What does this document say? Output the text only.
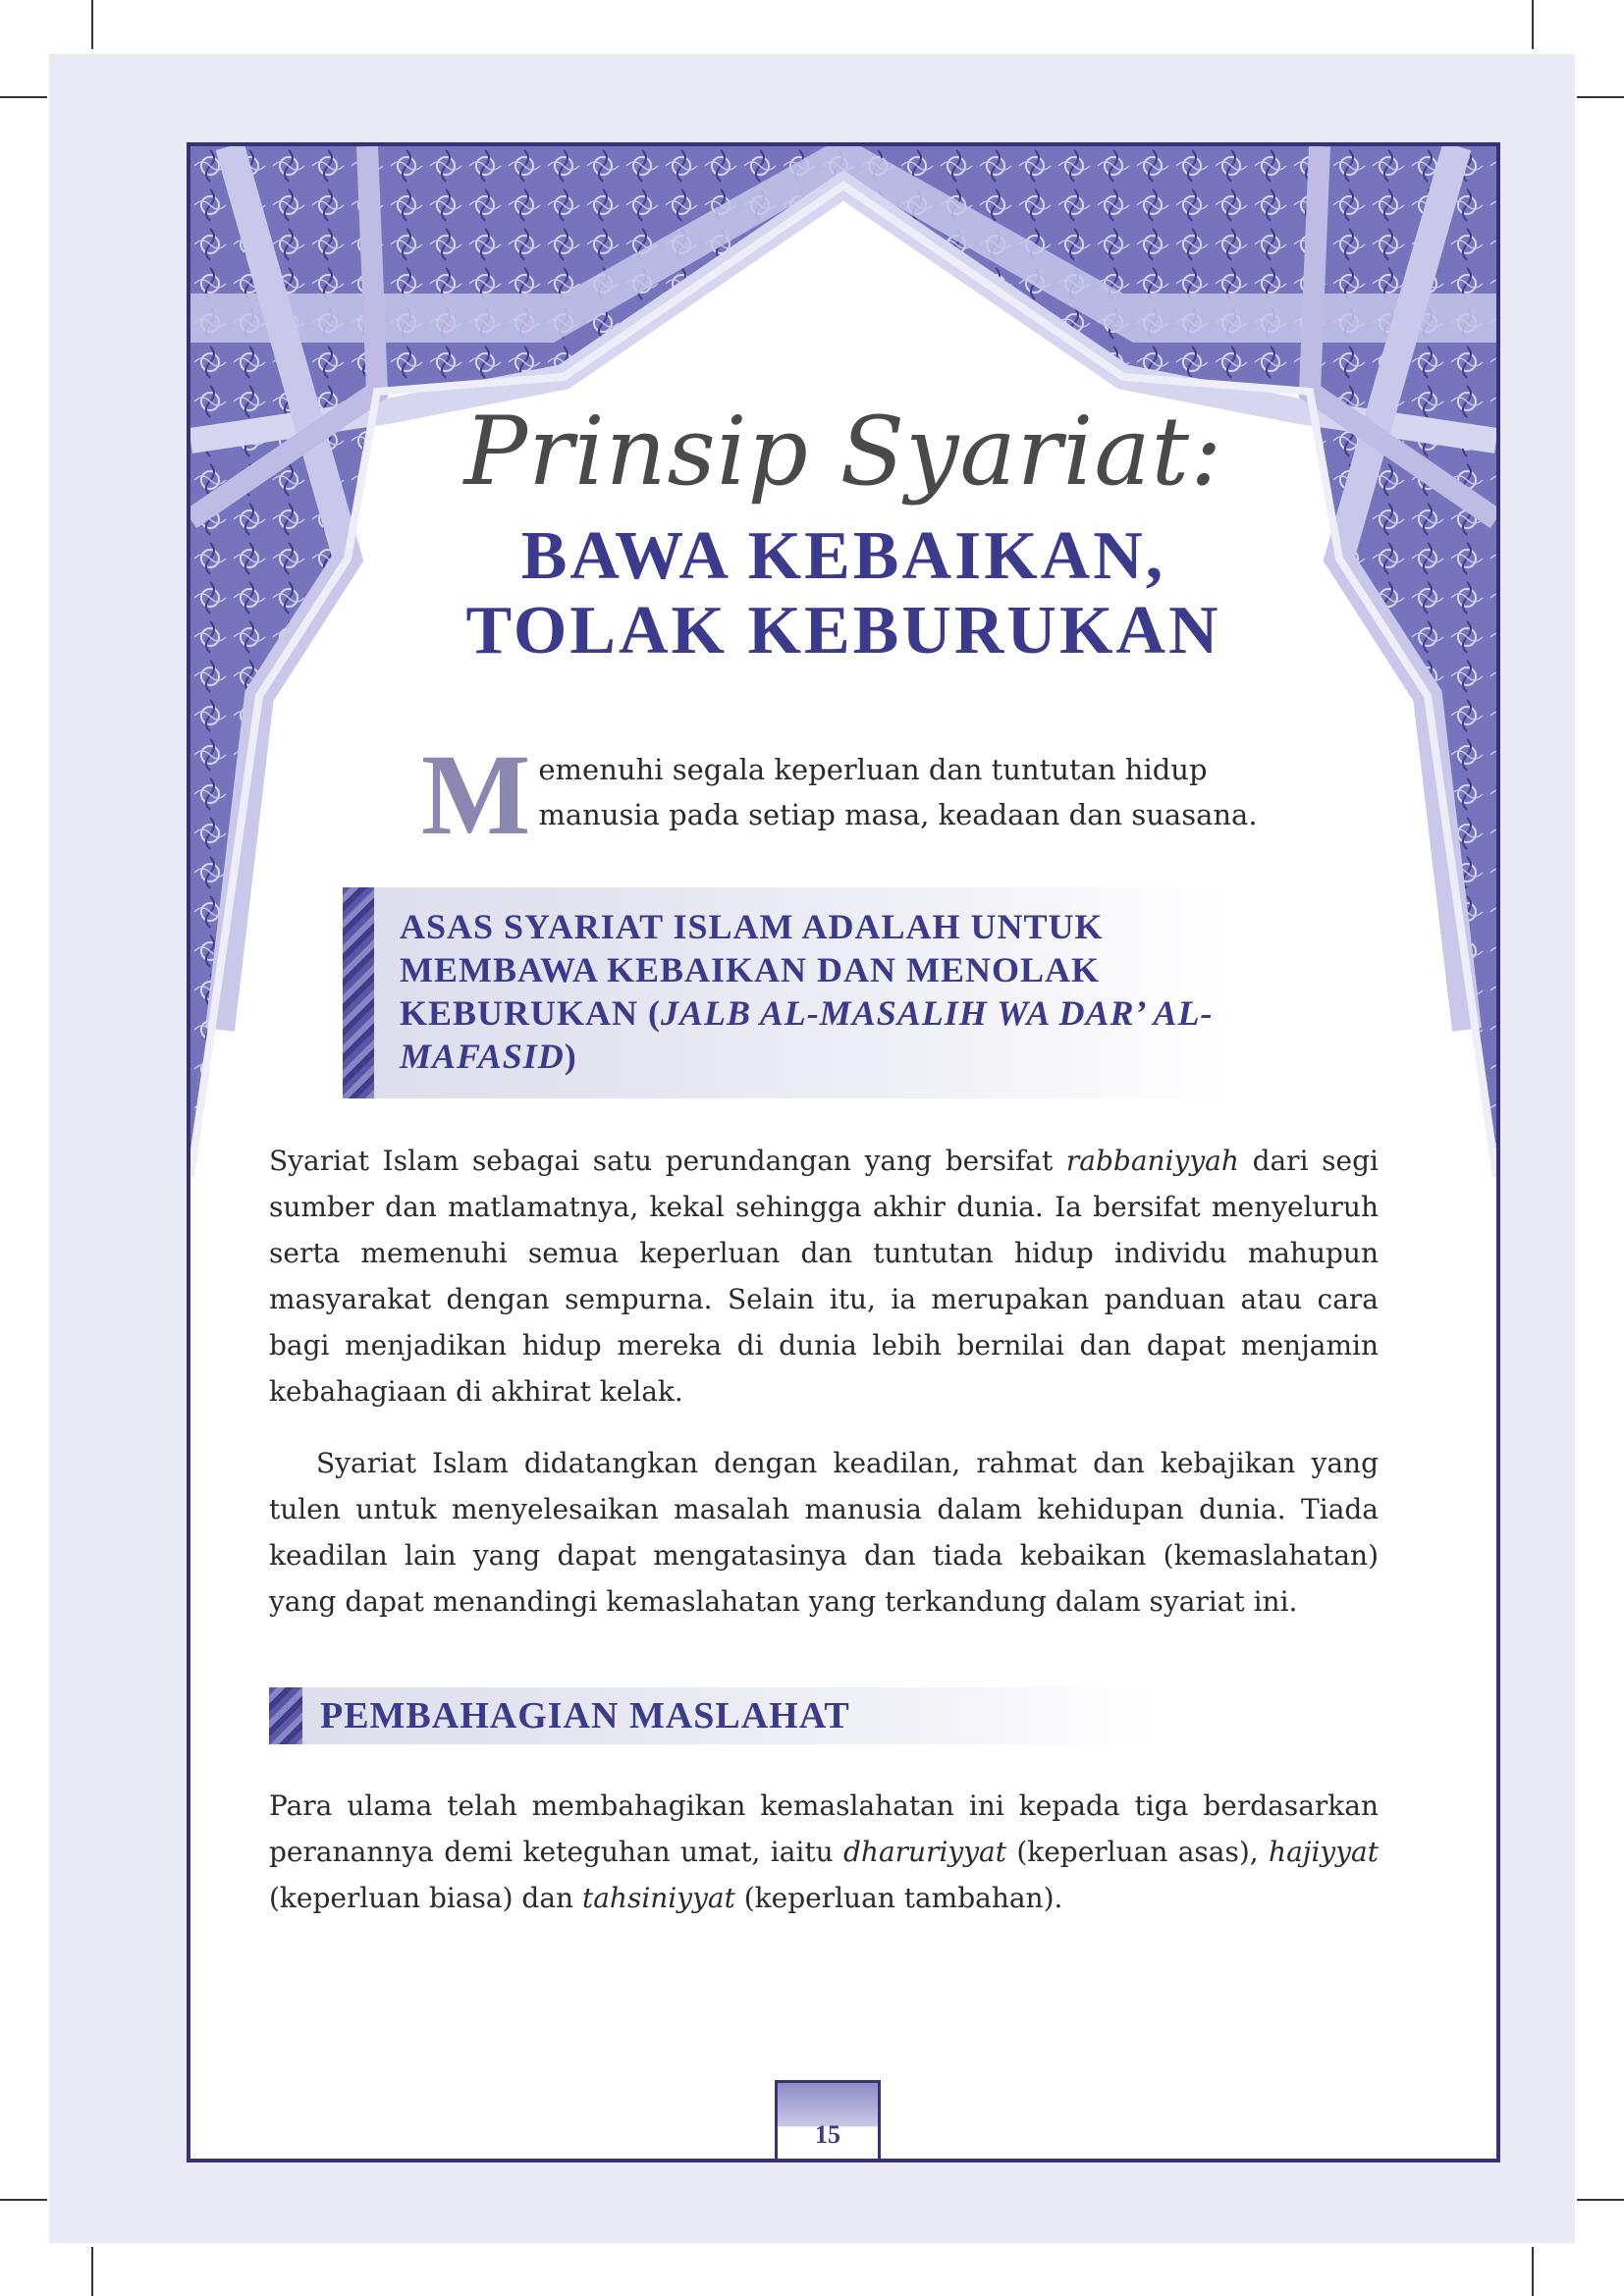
Prinsip Syariat:
BAWA KEBAIKAN,
TOLAK KEBURUKAN
Memenuhi segala keperluan dan tuntutan hidup manusia pada setiap masa, keadaan dan suasana.
ASAS SYARIAT ISLAM ADALAH UNTUK MEMBAWA KEBAIKAN DAN MENOLAK KEBURUKAN (JALB AL-MASALIH WA DAR’ AL-MAFASID)

Syariat Islam sebagai satu perundangan yang bersifat rabbaniyyah dari segi sumber dan matlamatnya, kekal sehingga akhir dunia. Ia bersifat menyeluruh serta memenuhi semua keperluan dan tuntutan hidup individu mahupun masyarakat dengan sempurna. Selain itu, ia merupakan panduan atau cara bagi menjadikan hidup mereka di dunia lebih bernilai dan dapat menjamin kebahagiaan di akhirat kelak.

Syariat Islam didatangkan dengan keadilan, rahmat dan kebajikan yang tulen untuk menyelesaikan masalah manusia dalam kehidupan dunia. Tiada keadilan lain yang dapat mengatasinya dan tiada kebaikan (kemaslahatan) yang dapat menandingi kemaslahatan yang terkandung dalam syariat ini.

PEMBAHAGIAN MASLAHAT

Para ulama telah membahagikan kemaslahatan ini kepada tiga berdasarkan peranannya demi keteguhan umat, iaitu dharuriyyat (keperluan asas), hajiyyat (keperluan biasa) dan tahsiniyyat (keperluan tambahan).

15
